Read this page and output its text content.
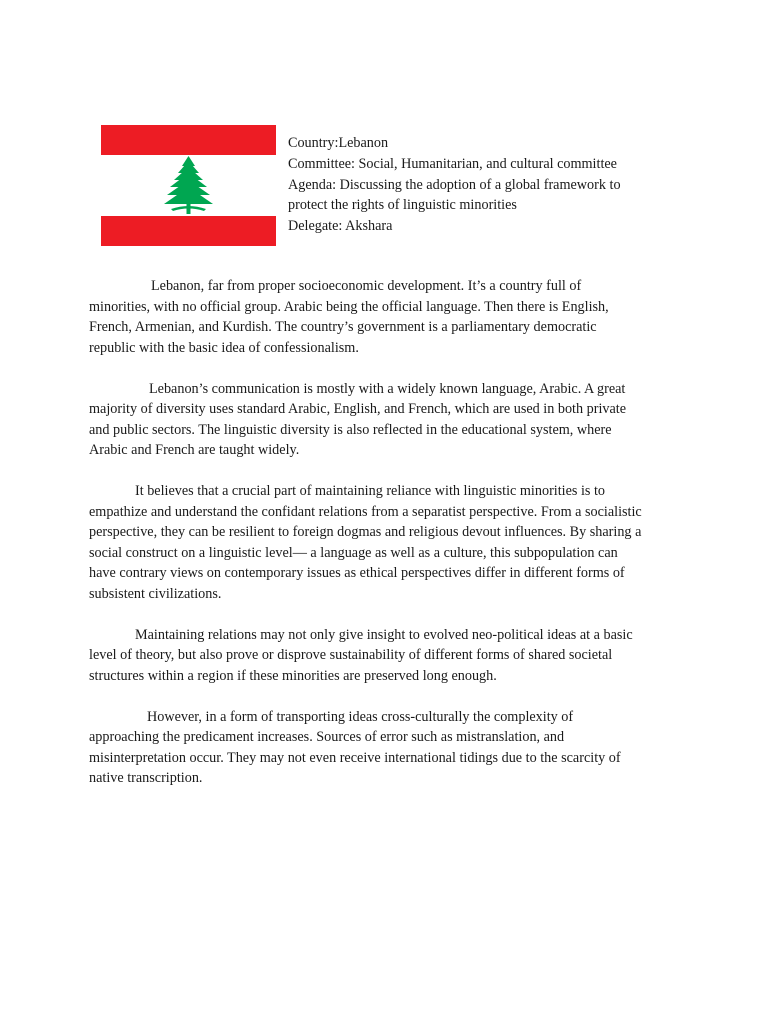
Country:Lebanon
Committee: Social, Humanitarian, and cultural committee
Agenda: Discussing the adoption of a global framework to
protect the rights of linguistic minorities
Delegate: Akshara
Lebanon, far from proper socioeconomic development. It’s a country full of
minorities, with no official group. Arabic being the official language. Then there is English,
French, Armenian, and Kurdish. The country’s government is a parliamentary democratic
republic with the basic idea of confessionalism.
Lebanon’s communication is mostly with a widely known language, Arabic. A great
majority of diversity uses standard Arabic, English, and French, which are used in both private
and public sectors. The linguistic diversity is also reflected in the educational system, where
Arabic and French are taught widely.
It believes that a crucial part of maintaining reliance with linguistic minorities is to
empathize and understand the confidant relations from a separatist perspective. From a socialistic
perspective, they can be resilient to foreign dogmas and religious devout influences. By sharing a
social construct on a linguistic level— a language as well as a culture, this subpopulation can
have contrary views on contemporary issues as ethical perspectives differ in different forms of
subsistent civilizations.
Maintaining relations may not only give insight to evolved neo-political ideas at a basic
level of theory, but also prove or disprove sustainability of different forms of shared societal
structures within a region if these minorities are preserved long enough.
However, in a form of transporting ideas cross-culturally the complexity of
approaching the predicament increases. Sources of error such as mistranslation, and
misinterpretation occur. They may not even receive international tidings due to the scarcity of
native transcription.
